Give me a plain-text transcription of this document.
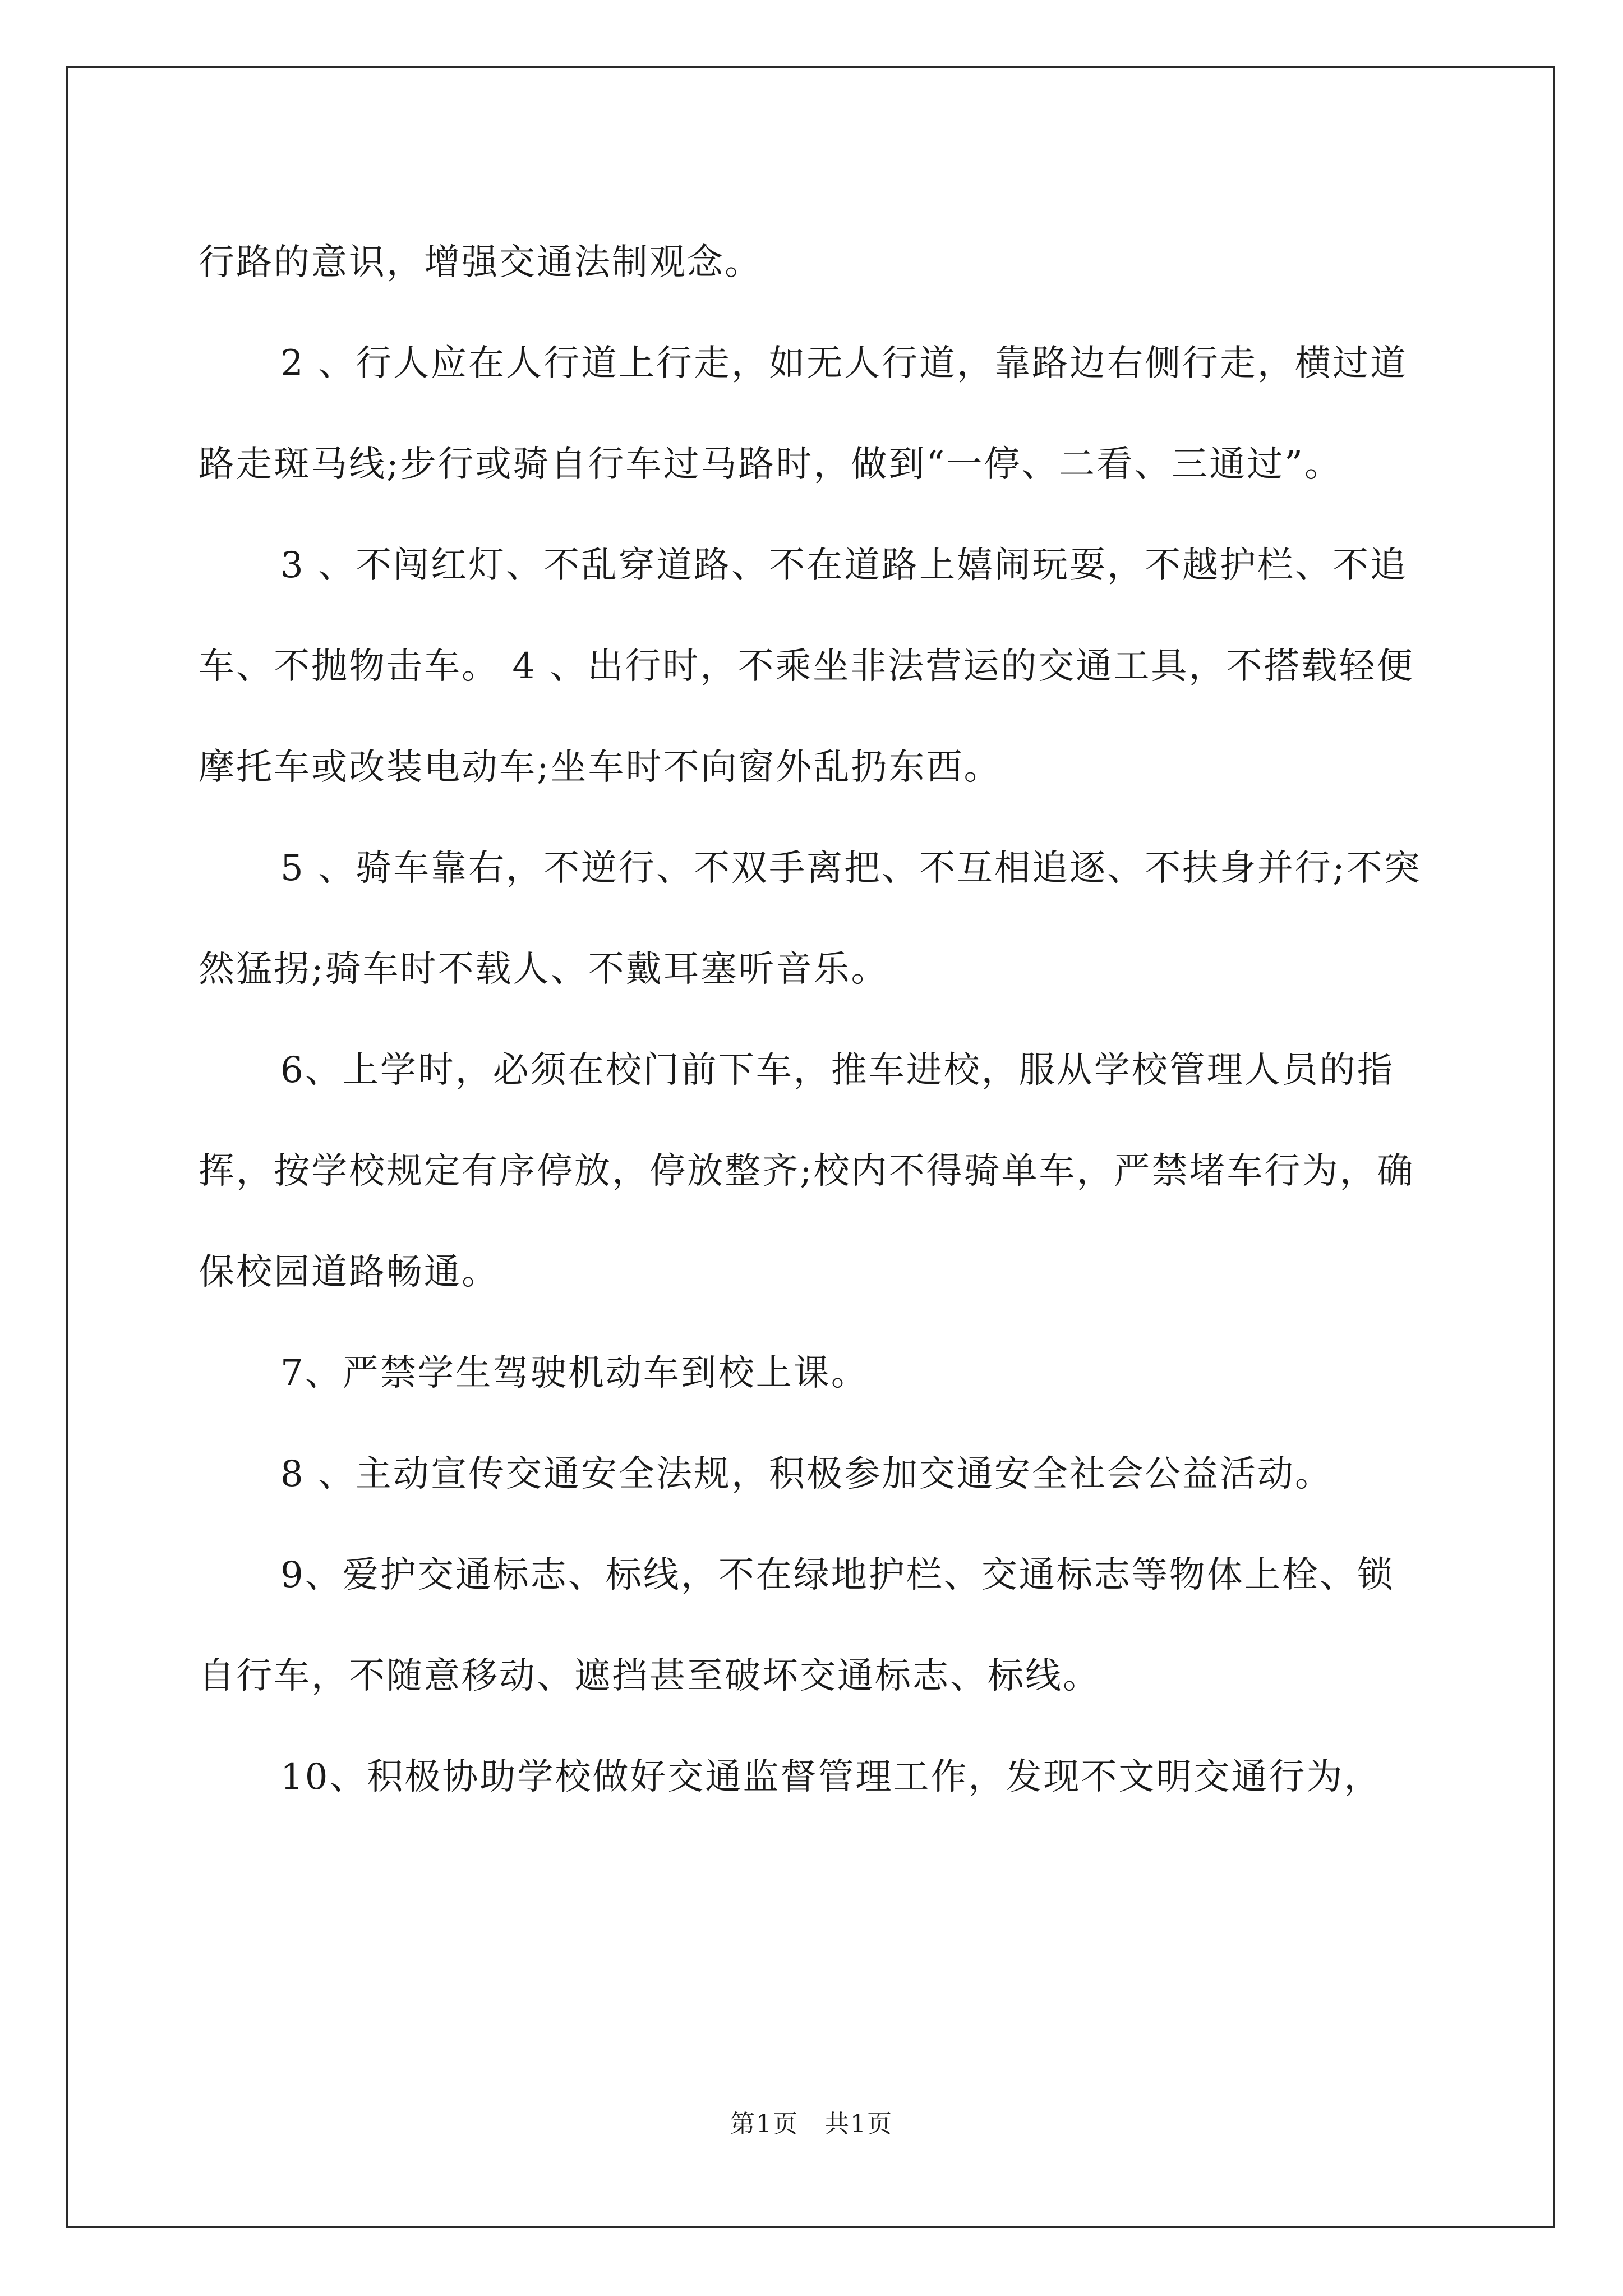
行路的意识，增强交通法制观念。

2 、行人应在人行道上行走，如无人行道，靠路边右侧行走，横过道路走斑马线;步行或骑自行车过马路时，做到“一停、二看、三通过”。

3 、不闯红灯、不乱穿道路、不在道路上嬉闹玩耍，不越护栏、不追车、不抛物击车。 4 、出行时，不乘坐非法营运的交通工具，不搭载轻便摩托车或改装电动车;坐车时不向窗外乱扔东西。

5 、骑车靠右，不逆行、不双手离把、不互相追逐、不扶身并行;不突然猛拐;骑车时不载人、不戴耳塞听音乐。

6、上学时，必须在校门前下车，推车进校，服从学校管理人员的指挥，按学校规定有序停放，停放整齐;校内不得骑单车，严禁堵车行为，确保校园道路畅通。

7、严禁学生驾驶机动车到校上课。

8 、主动宣传交通安全法规，积极参加交通安全社会公益活动。

9、爱护交通标志、标线，不在绿地护栏、交通标志等物体上栓、锁自行车，不随意移动、遮挡甚至破坏交通标志、标线。

10、积极协助学校做好交通监督管理工作，发现不文明交通行为，

第1页　共1页
